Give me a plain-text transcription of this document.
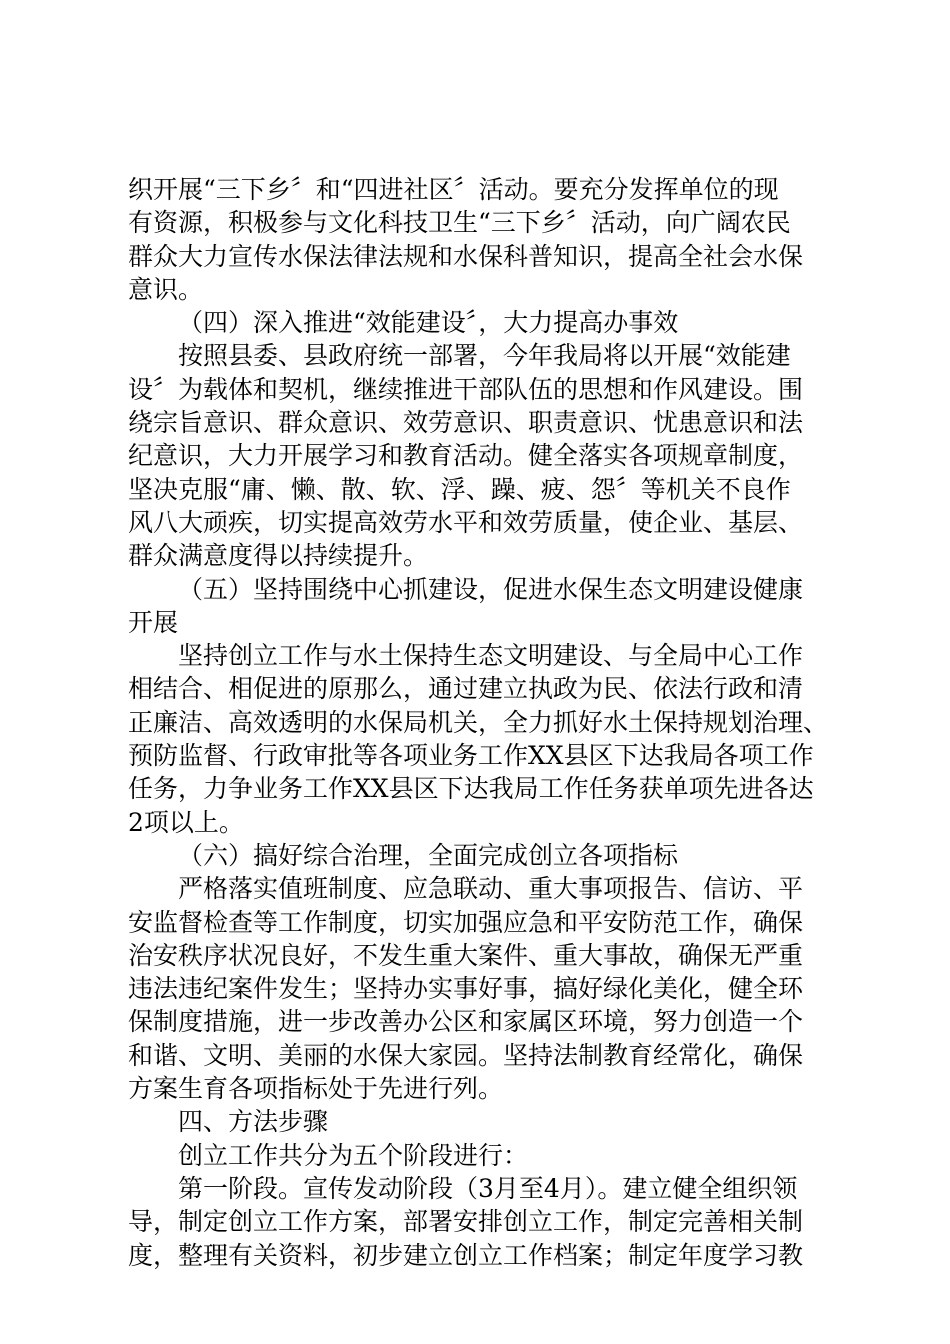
织开展“三下乡〞和“四进社区〞活动。要充分发挥单位的现
有资源，积极参与文化科技卫生“三下乡〞活动，向广阔农民
群众大力宣传水保法律法规和水保科普知识，提高全社会水保
意识。
（四）深入推进“效能建设〞，大力提高办事效
按照县委、县政府统一部署，今年我局将以开展“效能建
设〞为载体和契机，继续推进干部队伍的思想和作风建设。围
绕宗旨意识、群众意识、效劳意识、职责意识、忧患意识和法
纪意识，大力开展学习和教育活动。健全落实各项规章制度，
坚决克服“庸、懒、散、软、浮、躁、疲、怨〞等机关不良作
风八大顽疾，切实提高效劳水平和效劳质量，使企业、基层、
群众满意度得以持续提升。
（五）坚持围绕中心抓建设，促进水保生态文明建设健康
开展
坚持创立工作与水土保持生态文明建设、与全局中心工作
相结合、相促进的原那么，通过建立执政为民、依法行政和清
正廉洁、高效透明的水保局机关，全力抓好水土保持规划治理、
预防监督、行政审批等各项业务工作XX县区下达我局各项工作
任务，力争业务工作XX县区下达我局工作任务获单项先进各达
2项以上。
（六）搞好综合治理，全面完成创立各项指标
严格落实值班制度、应急联动、重大事项报告、信访、平
安监督检查等工作制度，切实加强应急和平安防范工作，确保
治安秩序状况良好，不发生重大案件、重大事故，确保无严重
违法违纪案件发生；坚持办实事好事，搞好绿化美化，健全环
保制度措施，进一步改善办公区和家属区环境，努力创造一个
和谐、文明、美丽的水保大家园。坚持法制教育经常化，确保
方案生育各项指标处于先进行列。
四、方法步骤
创立工作共分为五个阶段进行：
第一阶段。宣传发动阶段（3月至4月）。建立健全组织领
导，制定创立工作方案，部署安排创立工作，制定完善相关制
度，整理有关资料，初步建立创立工作档案；制定年度学习教
